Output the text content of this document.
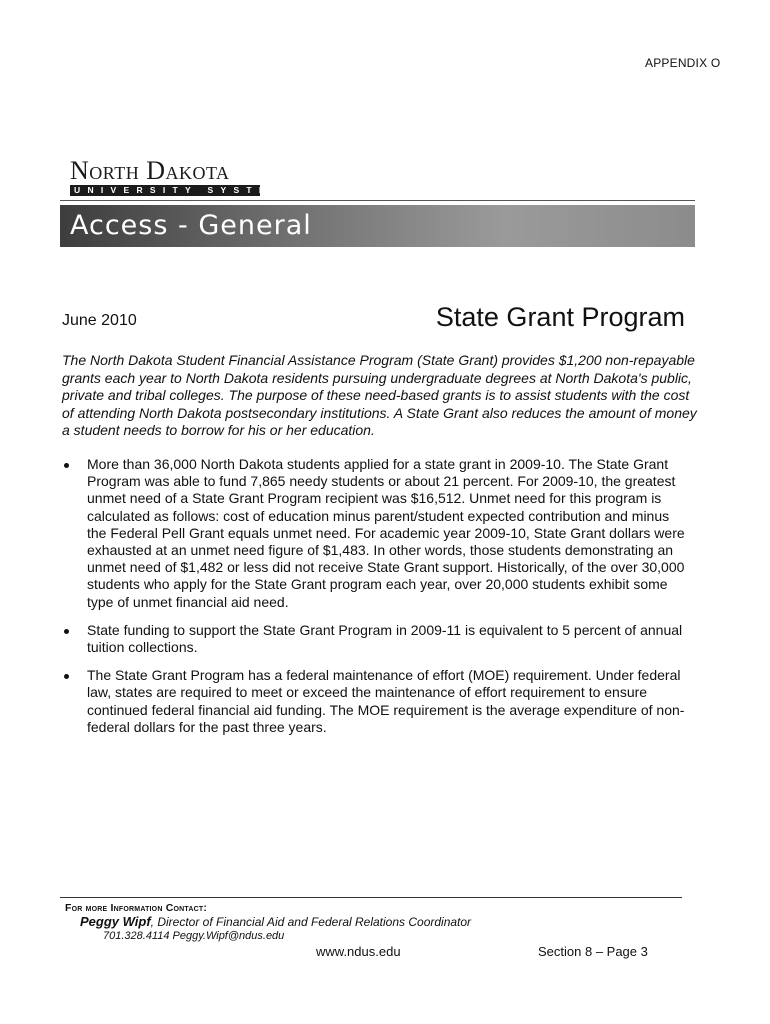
APPENDIX O
North Dakota
UNIVERSITY SYSTEM
Access - General
June 2010	State Grant Program
The North Dakota Student Financial Assistance Program (State Grant) provides $1,200 non-repayable grants each year to North Dakota residents pursuing undergraduate degrees at North Dakota's public, private and tribal colleges. The purpose of these need-based grants is to assist students with the cost of attending North Dakota postsecondary institutions. A State Grant also reduces the amount of money a student needs to borrow for his or her education.
More than 36,000 North Dakota students applied for a state grant in 2009-10. The State Grant Program was able to fund 7,865 needy students or about 21 percent. For 2009-10, the greatest unmet need of a State Grant Program recipient was $16,512. Unmet need for this program is calculated as follows: cost of education minus parent/student expected contribution and minus the Federal Pell Grant equals unmet need. For academic year 2009-10, State Grant dollars were exhausted at an unmet need figure of $1,483. In other words, those students demonstrating an unmet need of $1,482 or less did not receive State Grant support. Historically, of the over 30,000 students who apply for the State Grant program each year, over 20,000 students exhibit some type of unmet financial aid need.
State funding to support the State Grant Program in 2009-11 is equivalent to 5 percent of annual tuition collections.
The State Grant Program has a federal maintenance of effort (MOE) requirement. Under federal law, states are required to meet or exceed the maintenance of effort requirement to ensure continued federal financial aid funding. The MOE requirement is the average expenditure of non-federal dollars for the past three years.
For more Information Contact:
Peggy Wipf, Director of Financial Aid and Federal Relations Coordinator
701.328.4114 Peggy.Wipf@ndus.edu
www.ndus.edu	Section 8 – Page 3
